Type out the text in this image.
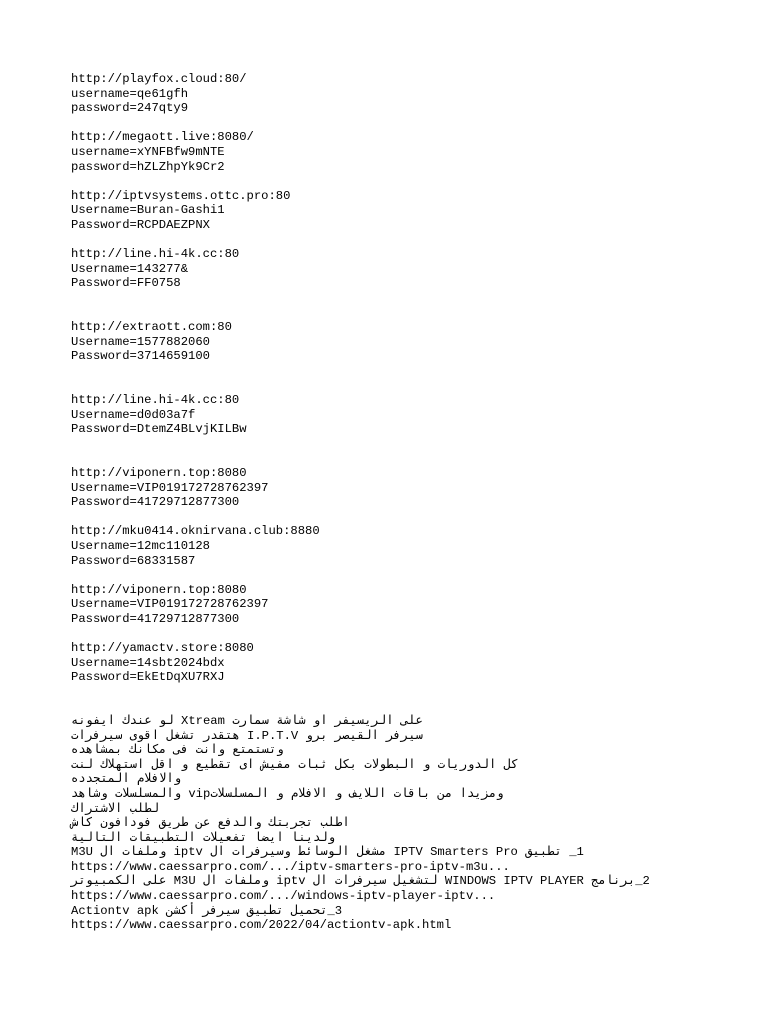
http://playfox.cloud:80/
username=qe61gfh
password=247qty9
http://megaott.live:8080/
username=xYNFBfw9mNTE
password=hZLZhpYk9Cr2
http://iptvsystems.ottc.pro:80
Username=Buran-Gashi1
Password=RCPDAEZPNX
http://line.hi-4k.cc:80
Username=143277&
Password=FF0758
http://extraott.com:80
Username=1577882060
Password=3714659100
http://line.hi-4k.cc:80
Username=d0d03a7f
Password=DtemZ4BLvjKILBw
http://viponern.top:8080
Username=VIP019172728762397
Password=41729712877300
http://mku0414.oknirvana.club:8880
Username=12mc110128
Password=68331587
http://viponern.top:8080
Username=VIP019172728762397
Password=41729712877300
http://yamactv.store:8080
Username=14sbt2024bdx
Password=EkEtDqXU7RXJ
على الريسيفر او شاشة سمارت Xtream لو عندك ايفونه
سيرفر القيصر برو I.P.T.V هتقدر تشغل اقوى سيرفرات
وتستمتع وانت فى مكانك بمشاهده
كل الدوريات و البطولات بكل ثبات مفيش اى تقطيع و اقل استهلاك لنت
والافلام المتجدده
ومزيدا من باقات اللايف و الافلام و المسلسلاتvip والمسلسلات وشاهد
لطلب الاشتراك
اطلب تجربتك والدفع عن طريق فودافون كاش
ولدينا ايضا تفعيلات التطبيقات التالية
1_ تطبيق IPTV Smarters Pro مشغل الوسائط وسيرفرات ال iptv وملفات ال M3U
https://www.caessarpro.com/.../iptv-smarters-pro-iptv-m3u...
2_برنامج WINDOWS IPTV PLAYER لتشغيل سيرفرات ال iptv وملفات ال M3U على الكمبيوتر
https://www.caessarpro.com/.../windows-iptv-player-iptv...
3_تحميل تطبيق سيرفر أكشن Actiontv apk
https://www.caessarpro.com/2022/04/actiontv-apk.html
